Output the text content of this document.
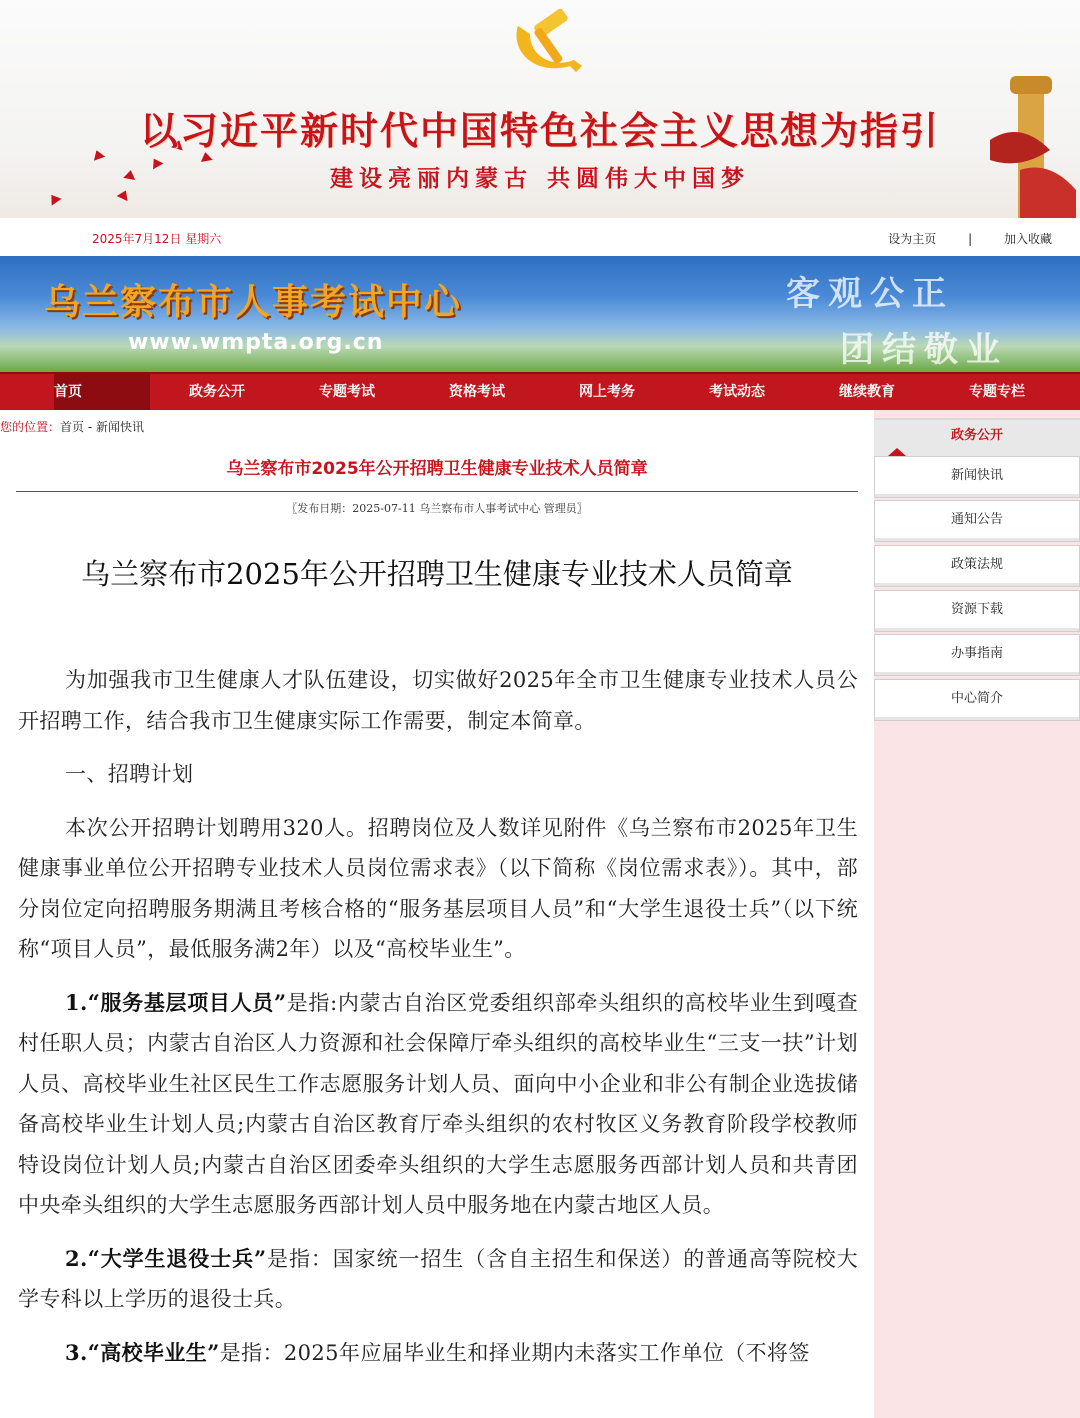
以习近平新时代中国特色社会主义思想为指引
建设亮丽内蒙古 共圆伟大中国梦
2025年7月12日 星期六	设为主页	|	加入收藏
乌兰察布市人事考试中心
www.wmpta.org.cn
客观公正
团结敬业
首页	政务公开	专题考试	资格考试	网上考务	考试动态	继续教育	专题专栏
您的位置：首页 - 新闻快讯
乌兰察布市2025年公开招聘卫生健康专业技术人员简章
〖发布日期：2025-07-11 乌兰察布市人事考试中心 管理员〗
乌兰察布市2025年公开招聘卫生健康专业技术人员简章

为加强我市卫生健康人才队伍建设，切实做好2025年全市卫生健康专业技术人员公开招聘工作，结合我市卫生健康实际工作需要，制定本简章。

一、招聘计划

本次公开招聘计划聘用320人。招聘岗位及人数详见附件《乌兰察布市2025年卫生健康事业单位公开招聘专业技术人员岗位需求表》（以下简称《岗位需求表》）。其中，部分岗位定向招聘服务期满且考核合格的“服务基层项目人员”和“大学生退役士兵”（以下统称“项目人员”，最低服务满2年）以及“高校毕业生”。

1.“服务基层项目人员”是指:内蒙古自治区党委组织部牵头组织的高校毕业生到嘎查村任职人员；内蒙古自治区人力资源和社会保障厅牵头组织的高校毕业生“三支一扶”计划人员、高校毕业生社区民生工作志愿服务计划人员、面向中小企业和非公有制企业选拔储备高校毕业生计划人员;内蒙古自治区教育厅牵头组织的农村牧区义务教育阶段学校教师特设岗位计划人员;内蒙古自治区团委牵头组织的大学生志愿服务西部计划人员和共青团中央牵头组织的大学生志愿服务西部计划人员中服务地在内蒙古地区人员。

2.“大学生退役士兵”是指：国家统一招生（含自主招生和保送）的普通高等院校大学专科以上学历的退役士兵。

3.“高校毕业生”是指：2025年应届毕业生和择业期内未落实工作单位（不将签

政务公开
新闻快讯
通知公告
政策法规
资源下载
办事指南
中心简介
